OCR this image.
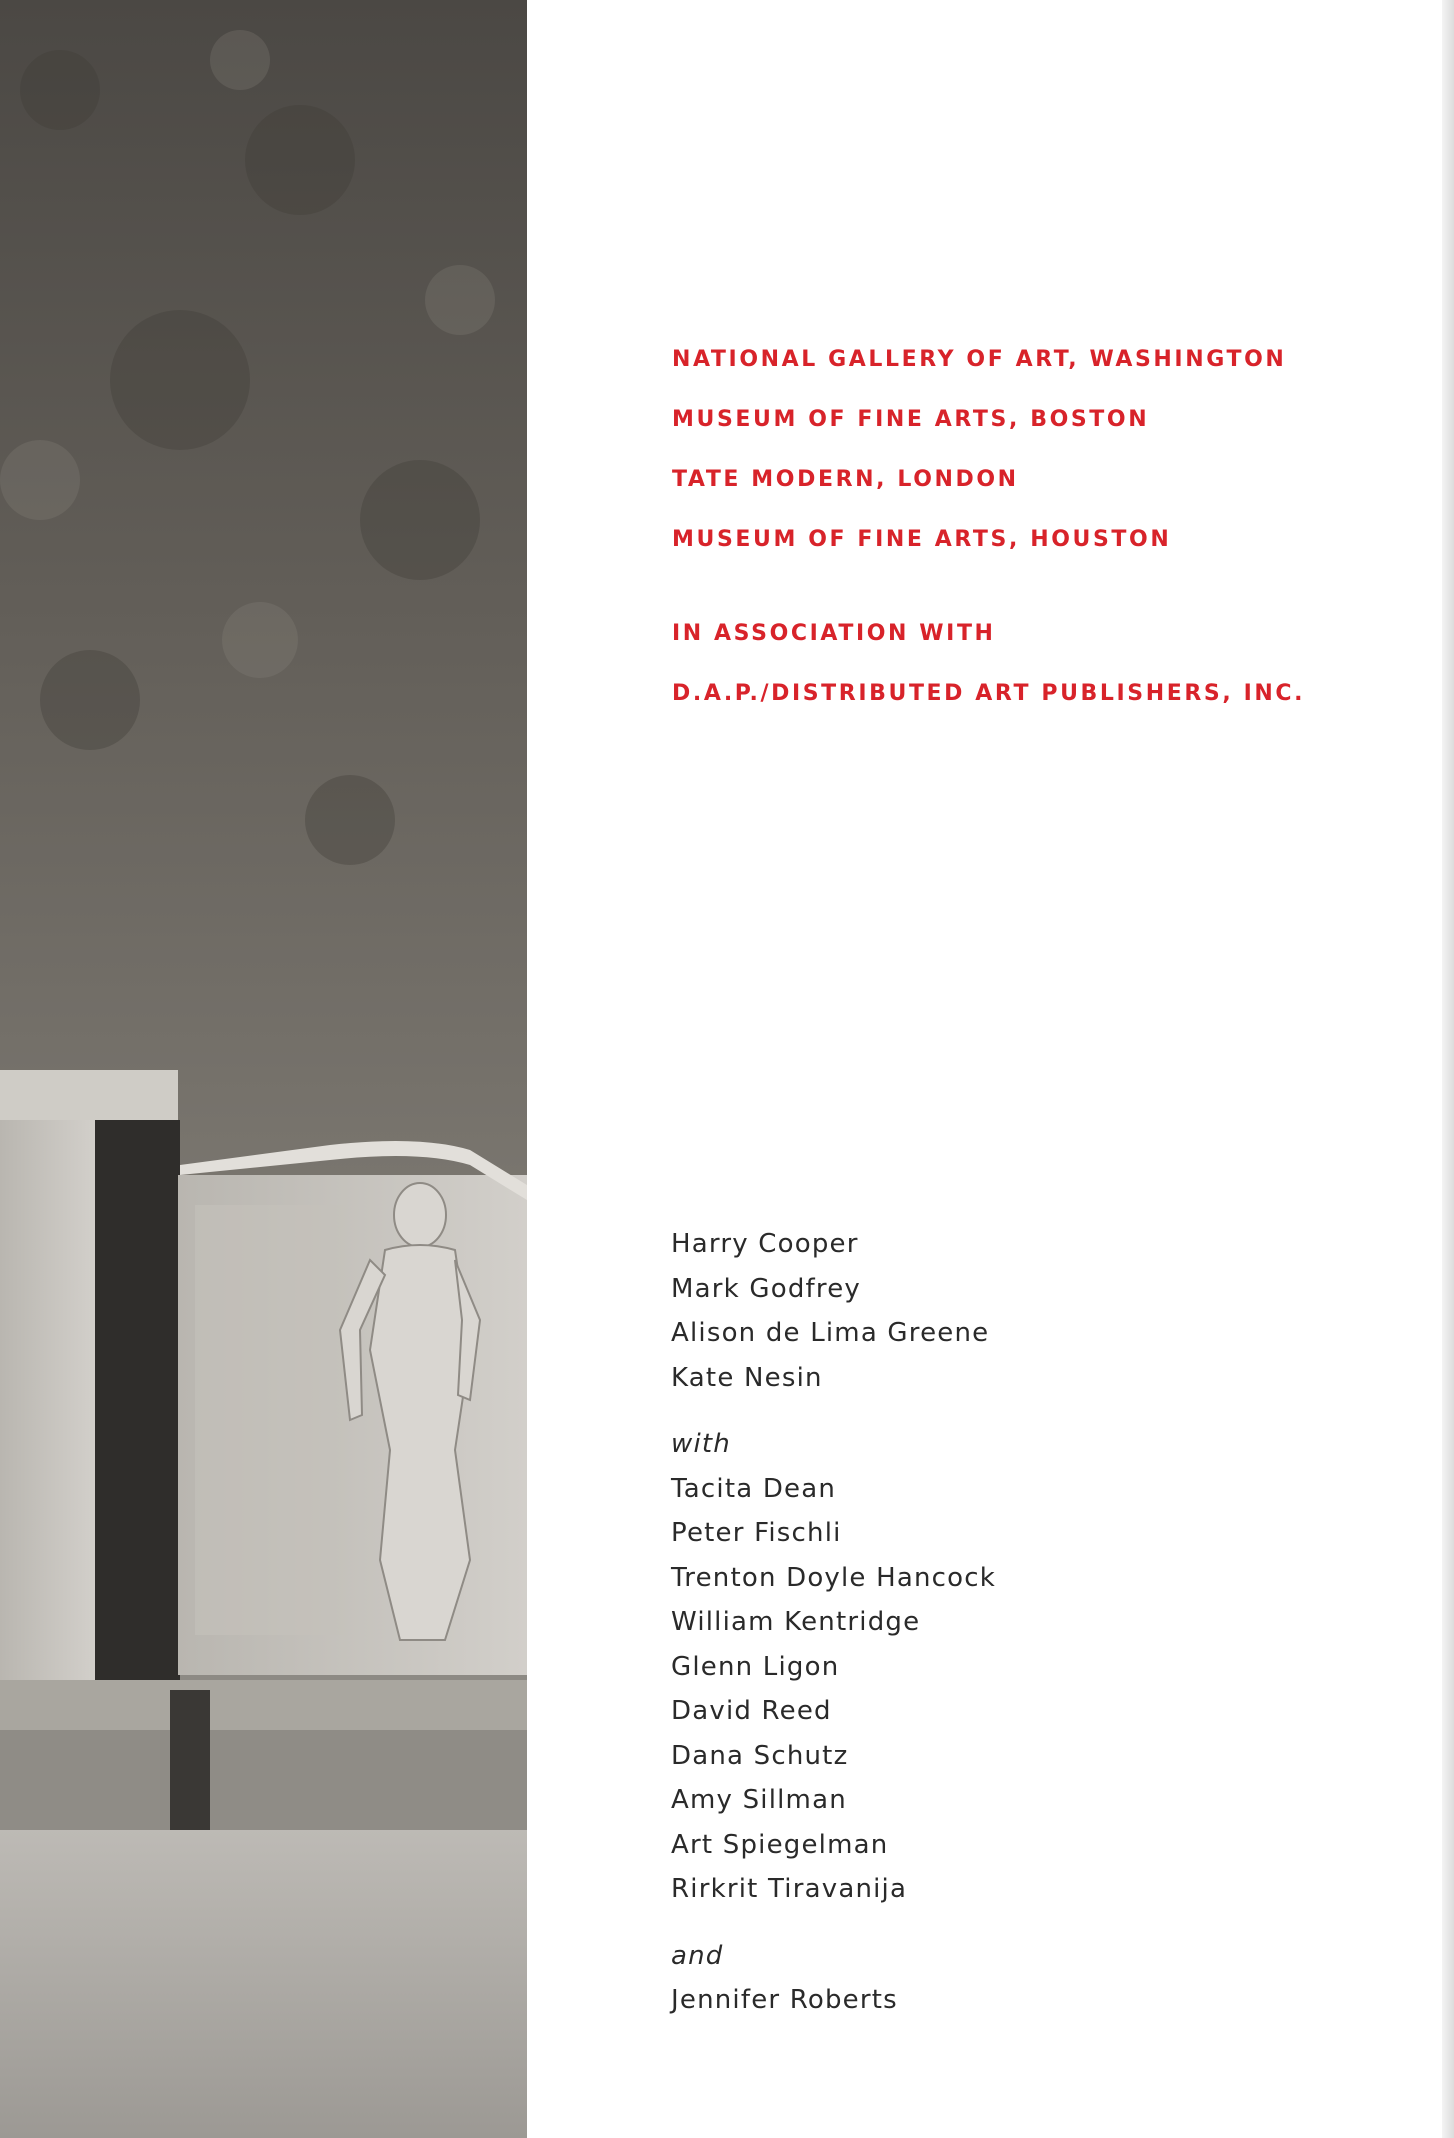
NATIONAL GALLERY OF ART, WASHINGTON
MUSEUM OF FINE ARTS, BOSTON
TATE MODERN, LONDON
MUSEUM OF FINE ARTS, HOUSTON
IN ASSOCIATION WITH
D.A.P./DISTRIBUTED ART PUBLISHERS, INC.
Harry Cooper
Mark Godfrey
Alison de Lima Greene
Kate Nesin
with
Tacita Dean
Peter Fischli
Trenton Doyle Hancock
William Kentridge
Glenn Ligon
David Reed
Dana Schutz
Amy Sillman
Art Spiegelman
Rirkrit Tiravanija
and
Jennifer Roberts
